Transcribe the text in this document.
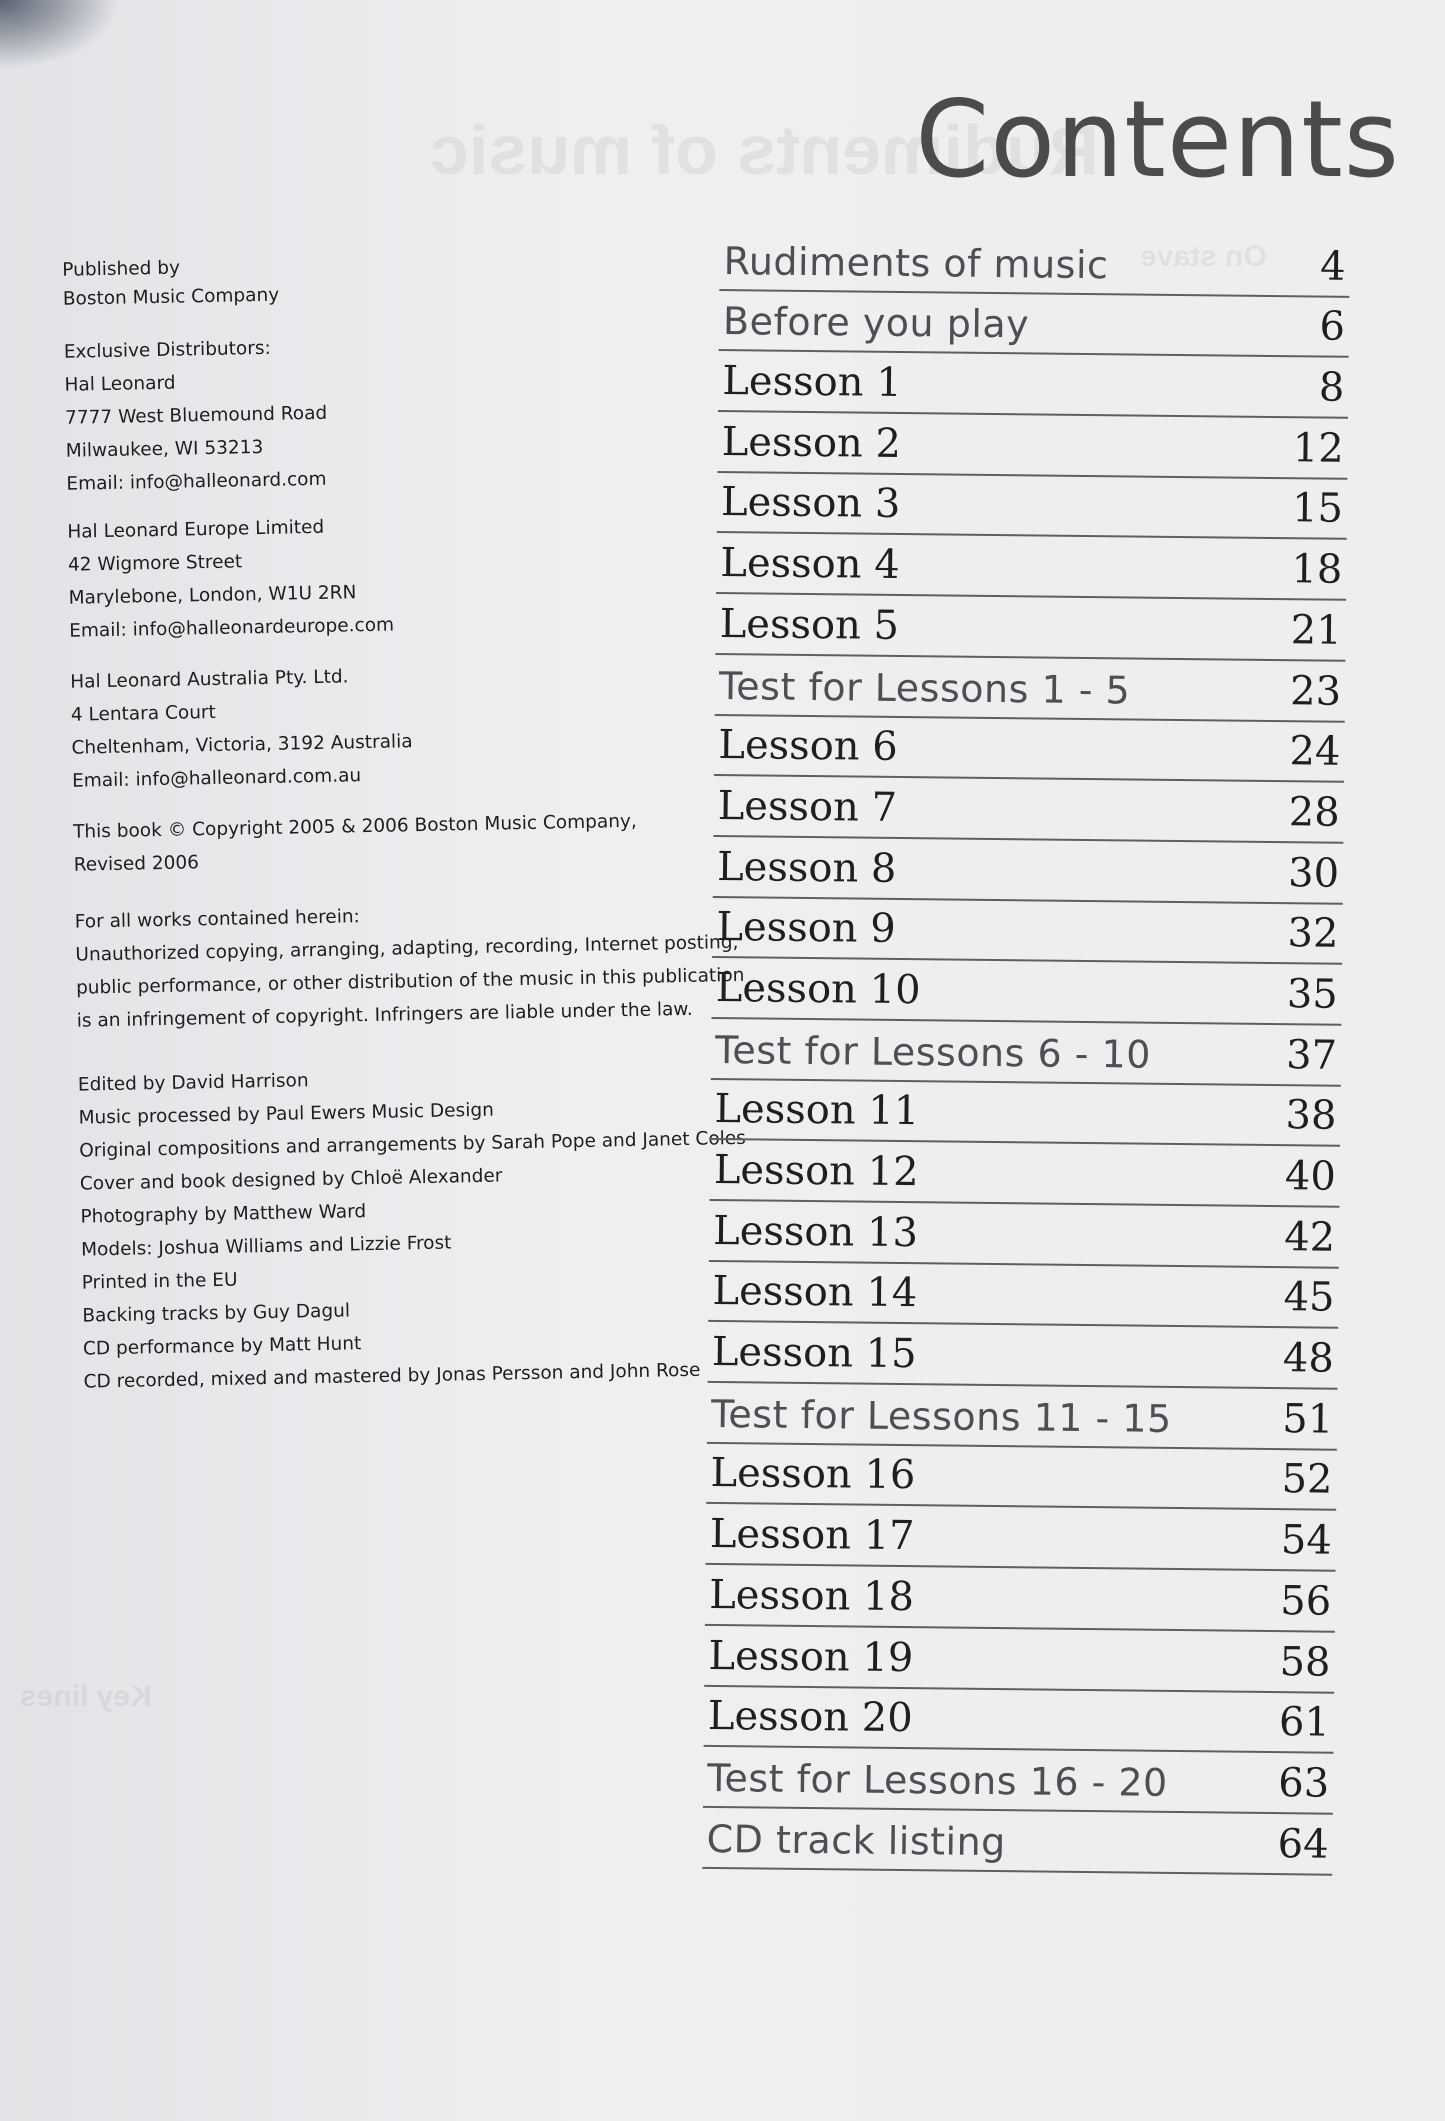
Rudiments of music
On stave
Key lines
Contents
Published by
Boston Music Company
Exclusive Distributors:
Hal Leonard
7777 West Bluemound Road
Milwaukee, WI 53213
Email: info@halleonard.com
Hal Leonard Europe Limited
42 Wigmore Street
Marylebone, London, W1U 2RN
Email: info@halleonardeurope.com
Hal Leonard Australia Pty. Ltd.
4 Lentara Court
Cheltenham, Victoria, 3192 Australia
Email: info@halleonard.com.au
This book © Copyright 2005 & 2006 Boston Music Company,
Revised 2006
For all works contained herein:
Unauthorized copying, arranging, adapting, recording, Internet posting,
public performance, or other distribution of the music in this publication
is an infringement of copyright. Infringers are liable under the law.
Edited by David Harrison
Music processed by Paul Ewers Music Design
Original compositions and arrangements by Sarah Pope and Janet Coles
Cover and book designed by Chloë Alexander
Photography by Matthew Ward
Models: Joshua Williams and Lizzie Frost
Printed in the EU
Backing tracks by Guy Dagul
CD performance by Matt Hunt
CD recorded, mixed and mastered by Jonas Persson and John Rose
Rudiments of music	4
Before you play	6
Lesson 1	8
Lesson 2	12
Lesson 3	15
Lesson 4	18
Lesson 5	21
Test for Lessons 1 - 5	23
Lesson 6	24
Lesson 7	28
Lesson 8	30
Lesson 9	32
Lesson 10	35
Test for Lessons 6 - 10	37
Lesson 11	38
Lesson 12	40
Lesson 13	42
Lesson 14	45
Lesson 15	48
Test for Lessons 11 - 15	51
Lesson 16	52
Lesson 17	54
Lesson 18	56
Lesson 19	58
Lesson 20	61
Test for Lessons 16 - 20	63
CD track listing	64
